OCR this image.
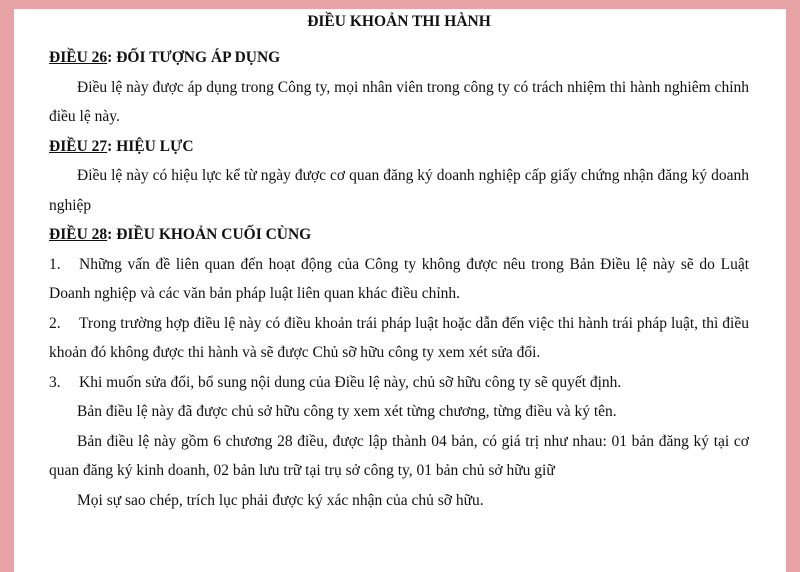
ĐIỀU KHOẢN THI HÀNH

ĐIỀU 26: ĐỐI TƯỢNG ÁP DỤNG

Điều lệ này được áp dụng trong Công ty, mọi nhân viên trong công ty có trách nhiệm thi hành nghiêm chỉnh điều lệ này.

ĐIỀU 27: HIỆU LỰC

Điều lệ này có hiệu lực kể từ ngày được cơ quan đăng ký doanh nghiệp cấp giấy chứng nhận đăng ký doanh nghiệp

ĐIỀU 28: ĐIỀU KHOẢN CUỐI CÙNG

1. Những vấn đề liên quan đến hoạt động của Công ty không được nêu trong Bản Điều lệ này sẽ do Luật Doanh nghiệp và các văn bản pháp luật liên quan khác điều chỉnh.

2. Trong trường hợp điều lệ này có điều khoản trái pháp luật hoặc dẫn đến việc thi hành trái pháp luật, thì điều khoản đó không được thi hành và sẽ được Chủ sỡ hữu công ty xem xét sửa đổi.

3. Khi muốn sửa đổi, bổ sung nội dung của Điều lệ này, chủ sỡ hữu công ty sẽ quyết định.

Bản điều lệ này đã được chủ sở hữu công ty xem xét từng chương, từng điều và ký tên.

Bản điều lệ này gồm 6 chương 28 điều, được lập thành 04 bản, có giá trị như nhau: 01 bản đăng ký tại cơ quan đăng ký kinh doanh, 02 bản lưu trữ tại trụ sở công ty, 01 bản chủ sở hữu giữ

Mọi sự sao chép, trích lục phải được ký xác nhận của chủ sỡ hữu.
